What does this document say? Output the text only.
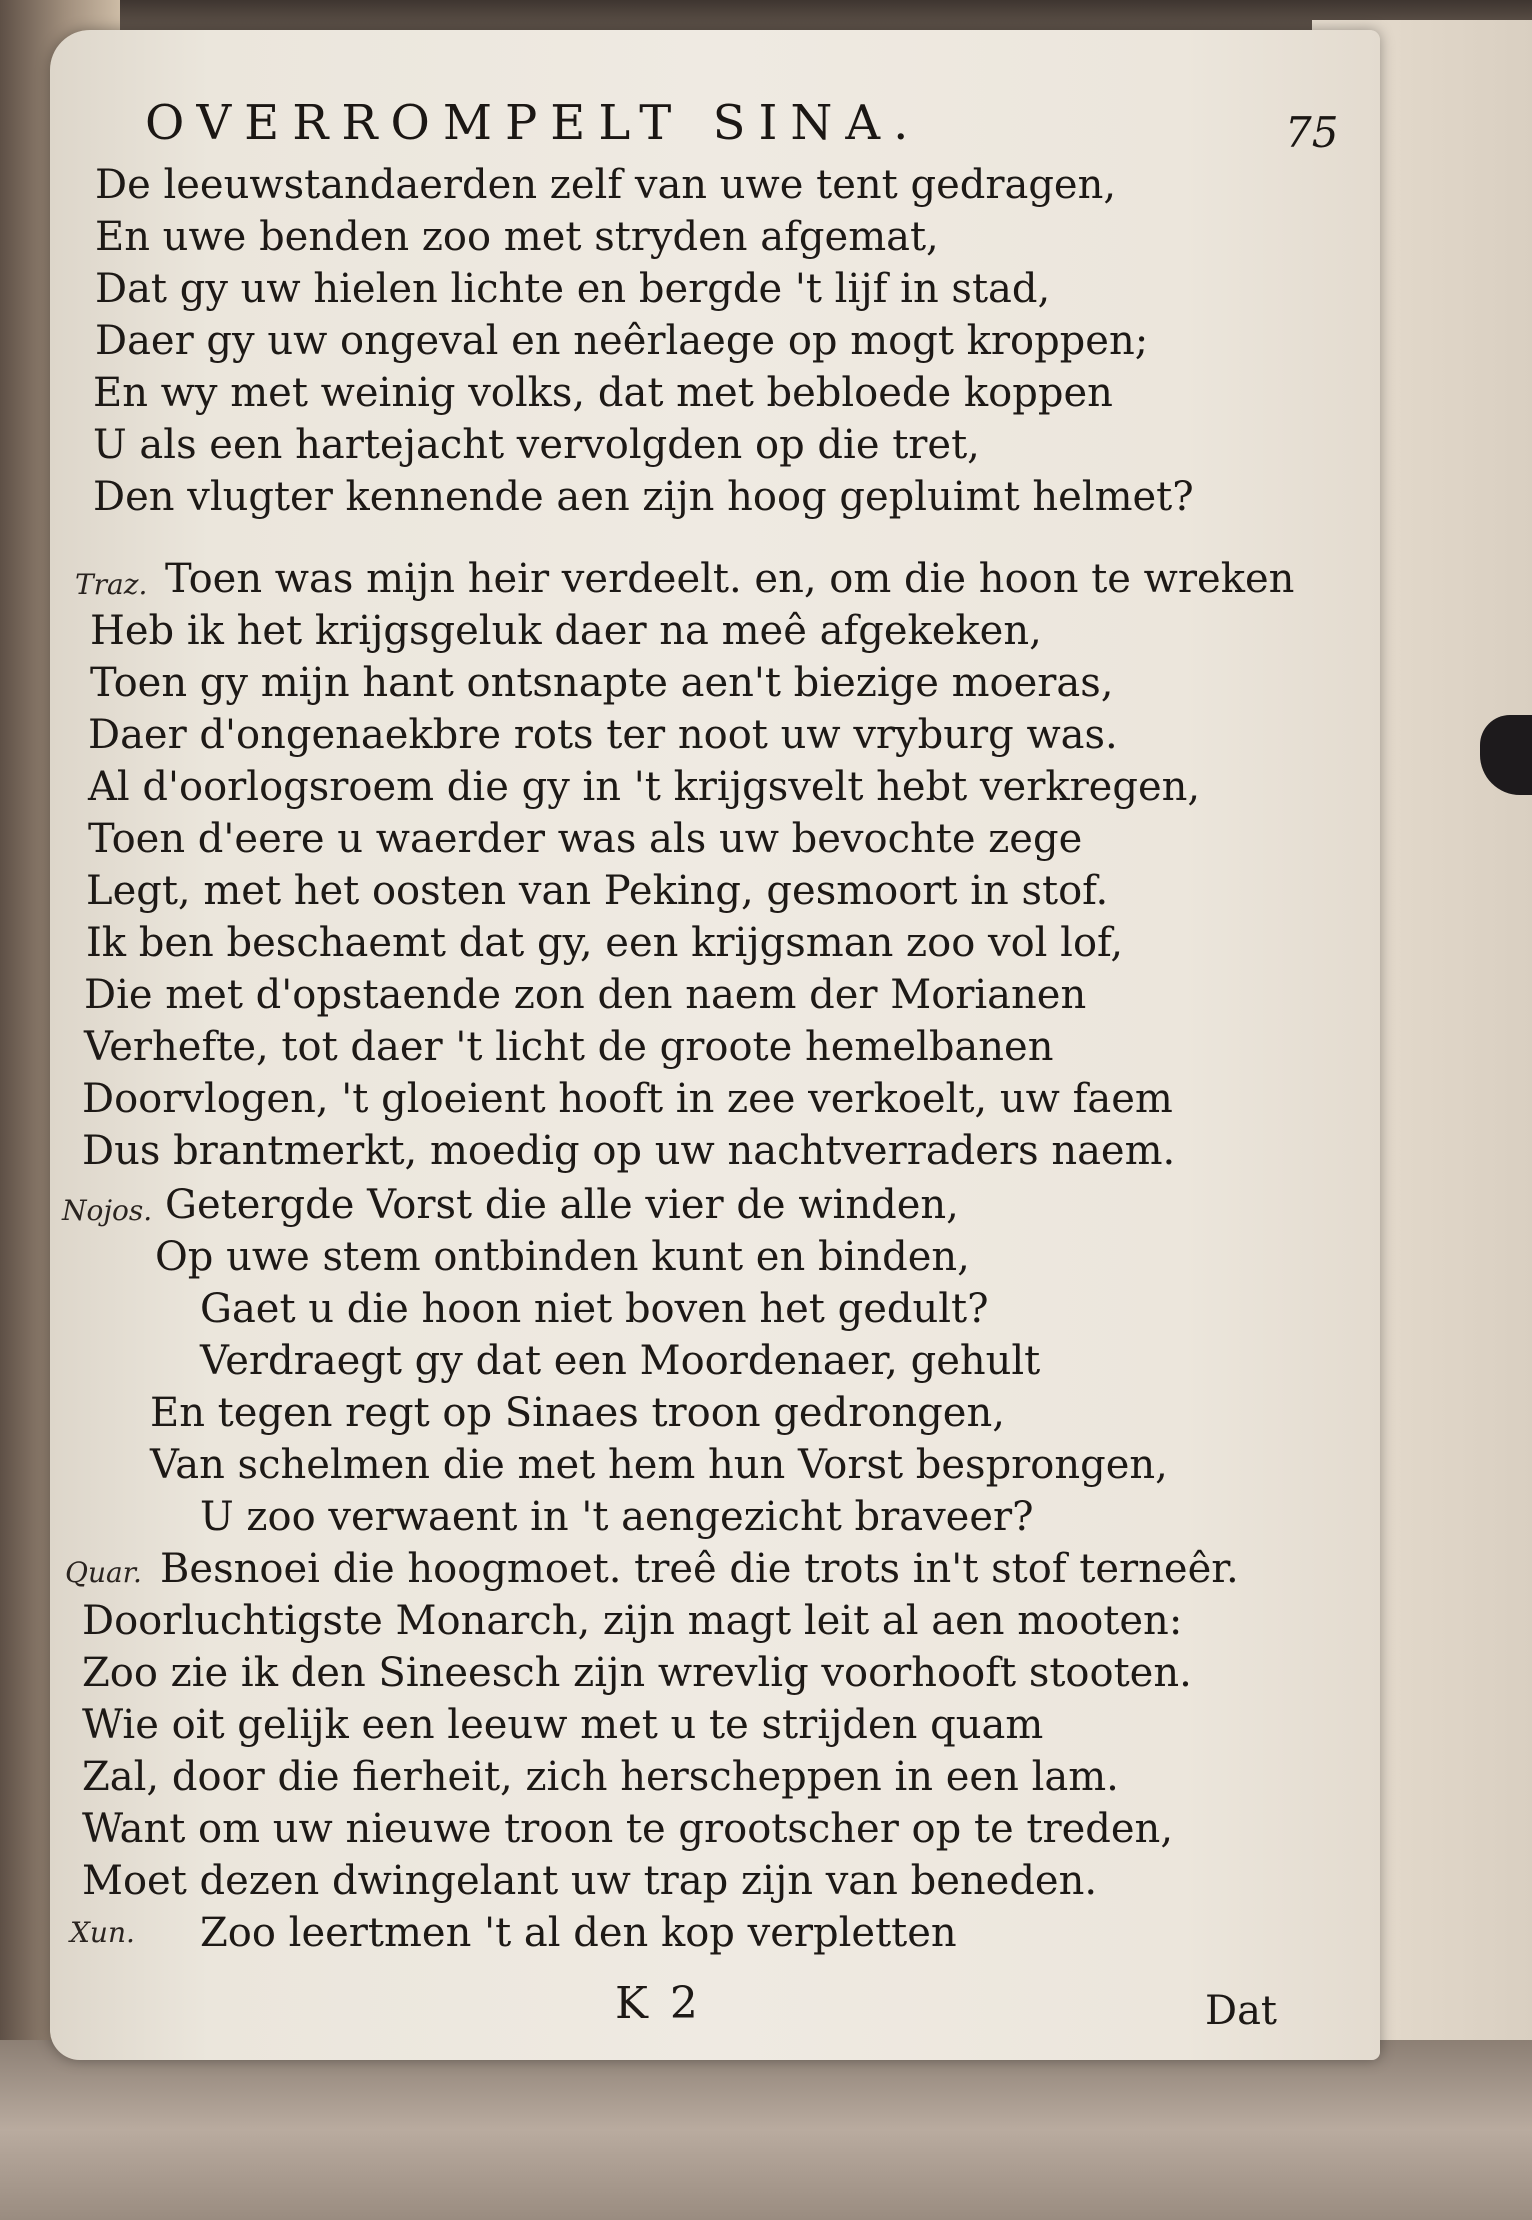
OVERROMPELT SINA.	75
De leeuwstandaerden zelf van uwe tent gedragen,
En uwe benden zoo met stryden afgemat,
Dat gy uw hielen lichte en bergde 't lijf in stad,
Daer gy uw ongeval en neêrlaege op mogt kroppen;
En wy met weinig volks, dat met bebloede koppen
U als een hartejacht vervolgden op die tret,
Den vlugter kennende aen zijn hoog gepluimt helmet?
Traz. Toen was mijn heir verdeelt. en, om die hoon te wreken
Heb ik het krijgsgeluk daer na meê afgekeken,
Toen gy mijn hant ontsnapte aen't biezige moeras,
Daer d'ongenaekbre rots ter noot uw vryburg was.
Al d'oorlogsroem die gy in 't krijgsvelt hebt verkregen,
Toen d'eere u waerder was als uw bevochte zege
Legt, met het oosten van Peking, gesmoort in stof.
Ik ben beschaemt dat gy, een krijgsman zoo vol lof,
Die met d'opstaende zon den naem der Morianen
Verhefte, tot daer 't licht de groote hemelbanen
Doorvlogen, 't gloeient hooft in zee verkoelt, uw faem
Dus brantmerkt, moedig op uw nachtverraders naem.
Nojos. Getergde Vorst die alle vier de winden,
Op uwe stem ontbinden kunt en binden,
Gaet u die hoon niet boven het gedult?
Verdraegt gy dat een Moordenaer, gehult
En tegen regt op Sinaes troon gedrongen,
Van schelmen die met hem hun Vorst besprongen,
U zoo verwaent in 't aengezicht braveer?
Quar. Besnoei die hoogmoet. treê die trots in't stof terneêr.
Doorluchtigste Monarch, zijn magt leit al aen mooten:
Zoo zie ik den Sineesch zijn wrevlig voorhooft stooten.
Wie oit gelijk een leeuw met u te strijden quam
Zal, door die fierheit, zich herscheppen in een lam.
Want om uw nieuwe troon te grootscher op te treden,
Moet dezen dwingelant uw trap zijn van beneden.
Xun. Zoo leertmen 't al den kop verpletten
K 2	Dat
